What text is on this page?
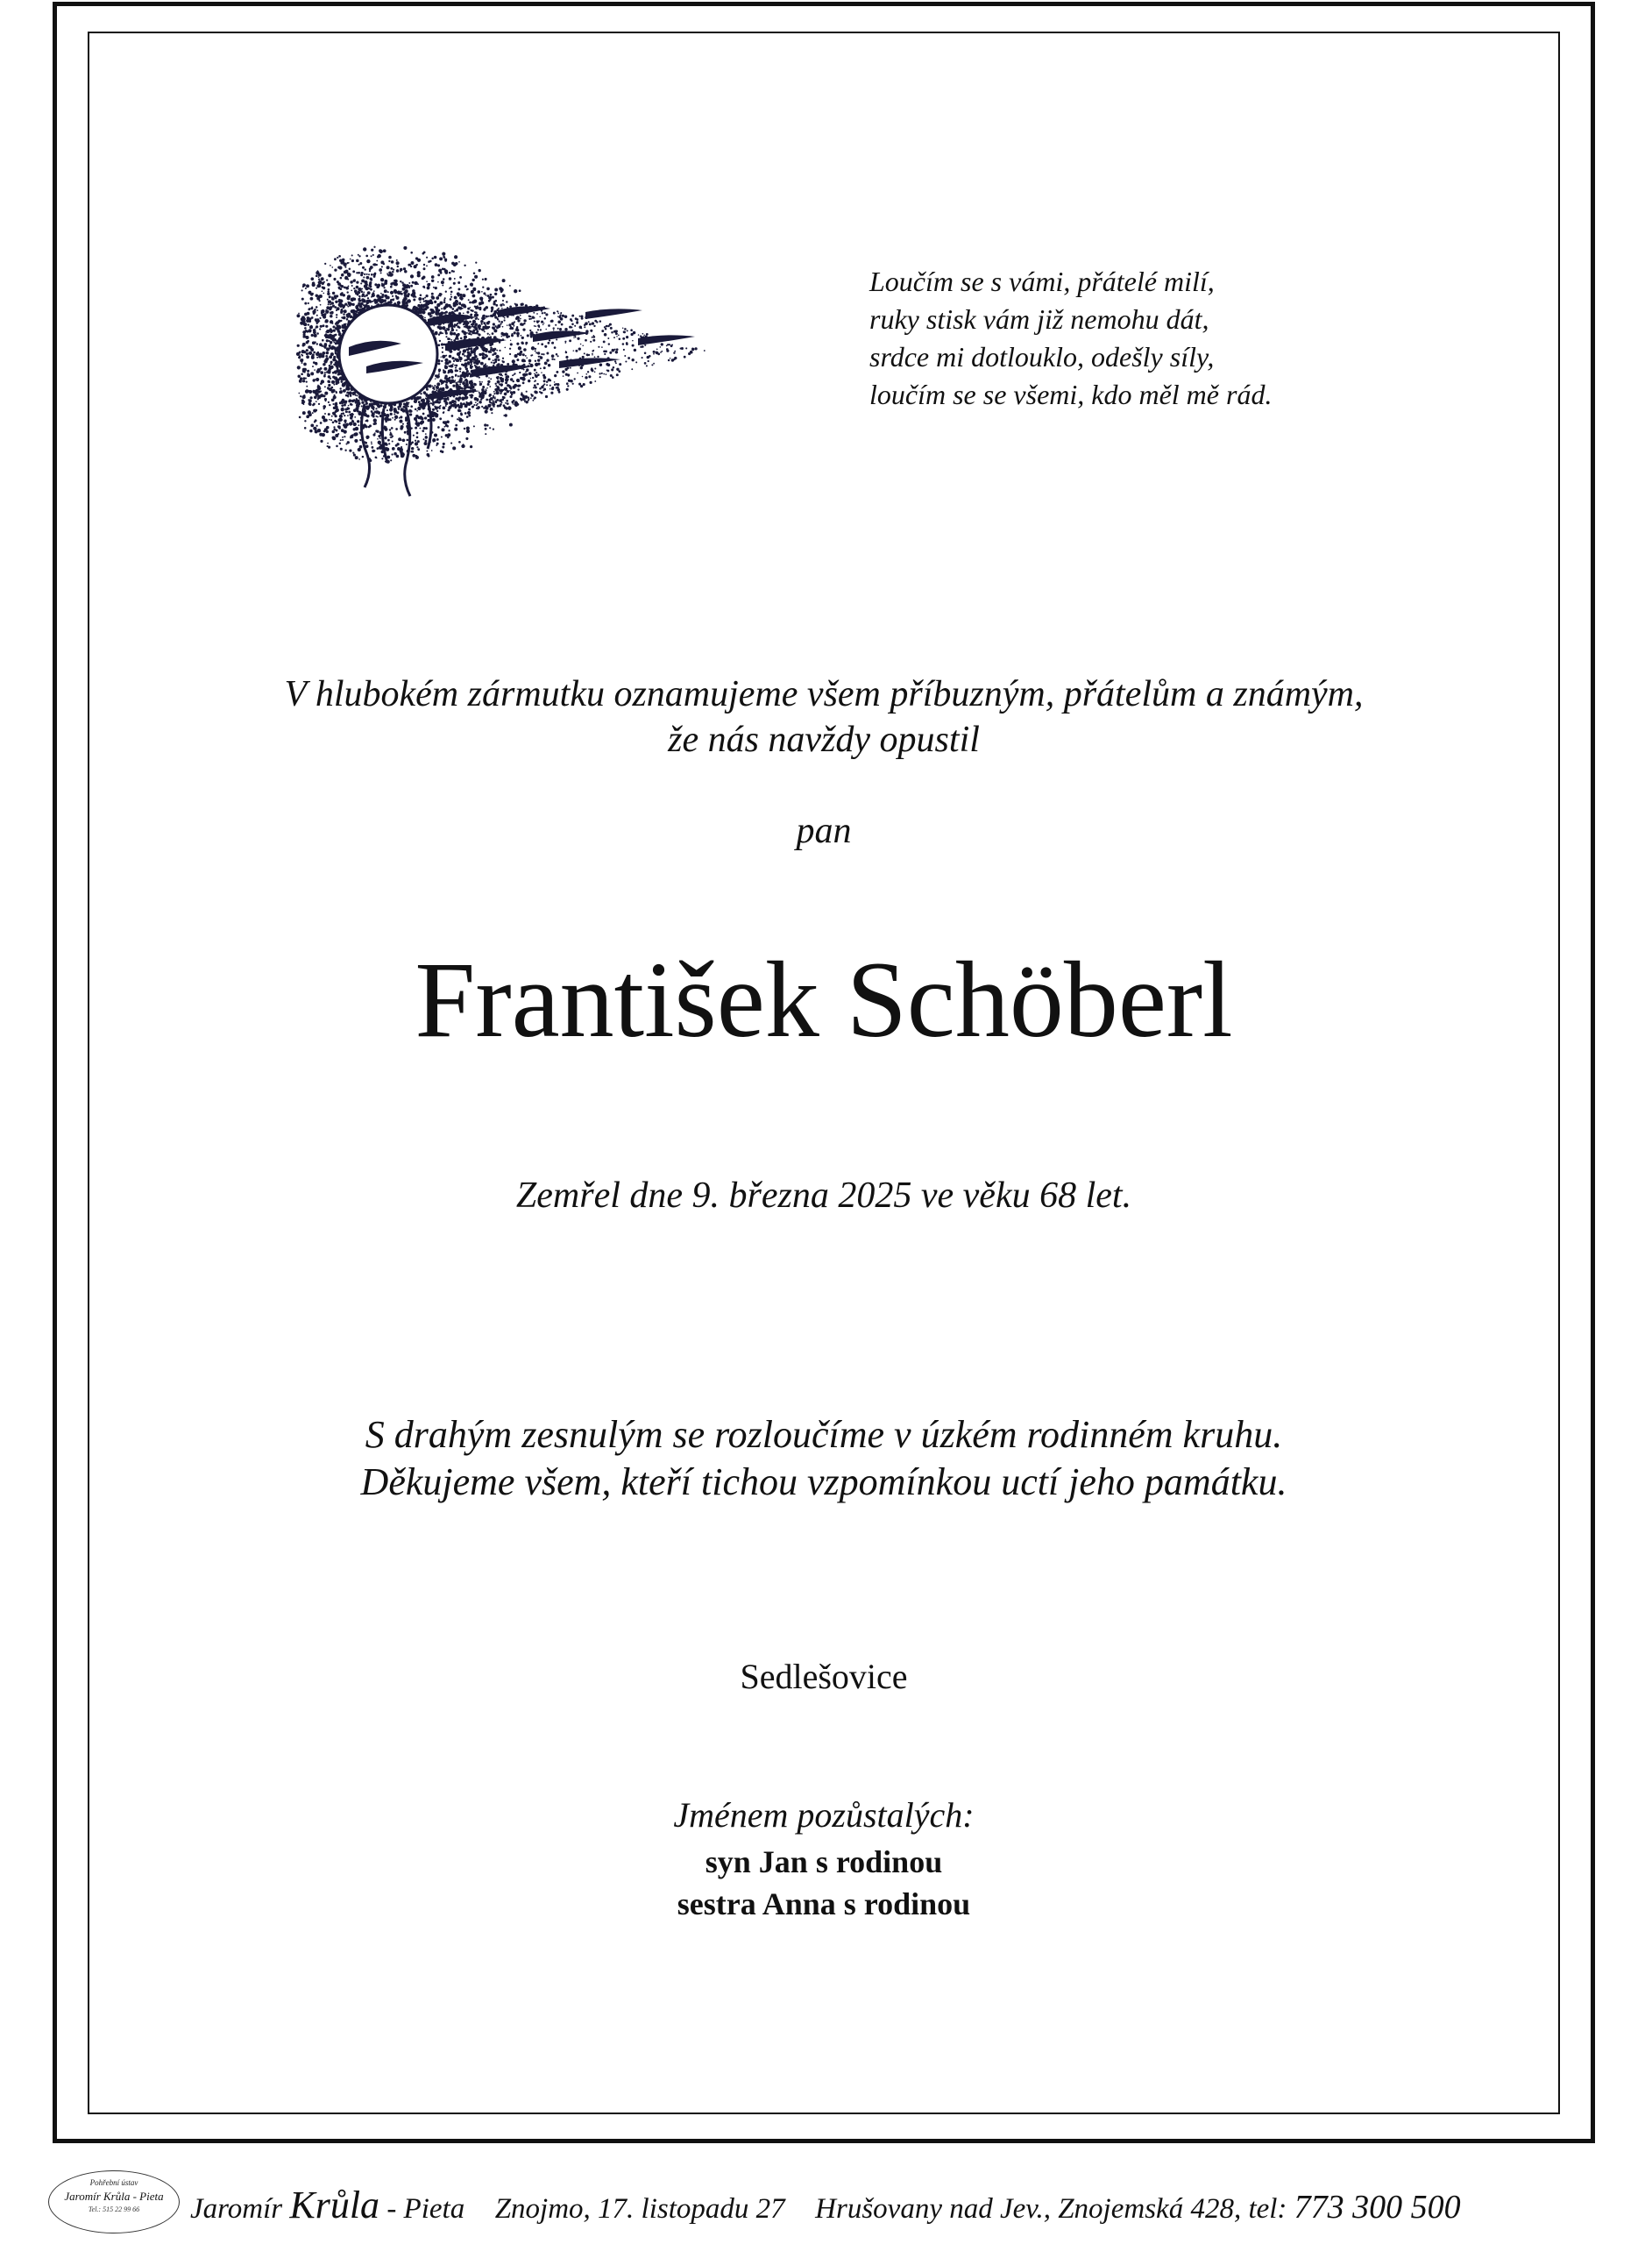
Loučím se s vámi, přátelé milí,
ruky stisk vám již nemohu dát,
srdce mi dotlouklo, odešly síly,
loučím se se všemi, kdo měl mě rád.
V hlubokém zármutku oznamujeme všem příbuzným, přátelům a známým,
že nás navždy opustil
pan
František Schöberl
Zemřel dne 9. března 2025 ve věku 68 let.
S drahým zesnulým se rozloučíme v úzkém rodinném kruhu.
Děkujeme všem, kteří tichou vzpomínkou uctí jeho památku.
Sedlešovice
Jménem pozůstalých:
syn Jan s rodinou
sestra Anna s rodinou
Pohřební ústav
Jaromír Krůla - Pieta
Tel.: 515 22 99 66	Jaromír Krůla - Pieta Znojmo, 17. listopadu 27 Hrušovany nad Jev., Znojemská 428, tel: 773 300 500
